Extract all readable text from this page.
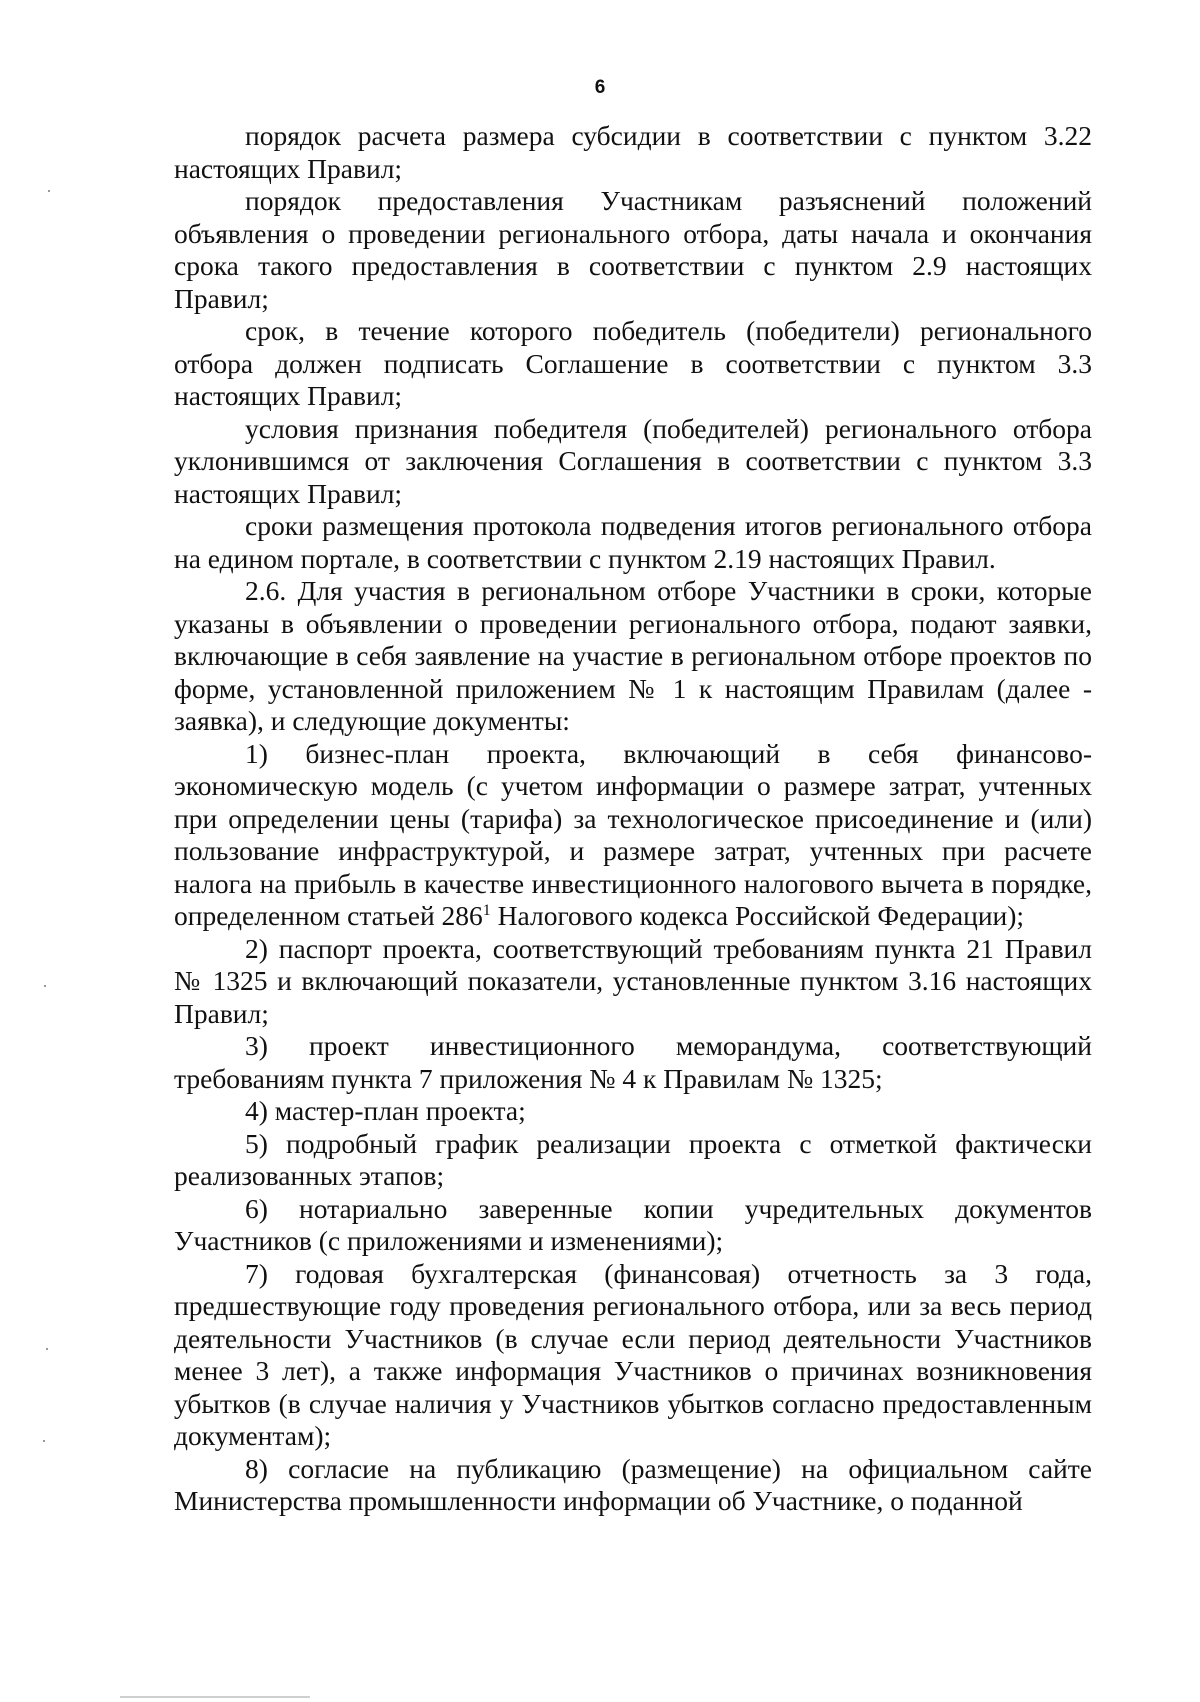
6

порядок расчета размера субсидии в соответствии с пунктом 3.22 настоящих Правил;

порядок предоставления Участникам разъяснений положений объявления о проведении регионального отбора, даты начала и окончания срока такого предоставления в соответствии с пунктом 2.9 настоящих Правил;

срок, в течение которого победитель (победители) регионального отбора должен подписать Соглашение в соответствии с пунктом 3.3 настоящих Правил;

условия признания победителя (победителей) регионального отбора уклонившимся от заключения Соглашения в соответствии с пунктом 3.3 настоящих Правил;

сроки размещения протокола подведения итогов регионального отбора на едином портале, в соответствии с пунктом 2.19 настоящих Правил.

2.6. Для участия в региональном отборе Участники в сроки, которые указаны в объявлении о проведении регионального отбора, подают заявки, включающие в себя заявление на участие в региональном отборе проектов по форме, установленной приложением № 1 к настоящим Правилам (далее - заявка), и следующие документы:

1) бизнес-план проекта, включающий в себя финансово-экономическую модель (с учетом информации о размере затрат, учтенных при определении цены (тарифа) за технологическое присоединение и (или) пользование инфраструктурой, и размере затрат, учтенных при расчете налога на прибыль в качестве инвестиционного налогового вычета в порядке, определенном статьей $286^1$ Налогового кодекса Российской Федерации);

2) паспорт проекта, соответствующий требованиям пункта 21 Правил № 1325 и включающий показатели, установленные пунктом 3.16 настоящих Правил;

3) проект инвестиционного меморандума, соответствующий требованиям пункта 7 приложения № 4 к Правилам № 1325;

4) мастер-план проекта;

5) подробный график реализации проекта с отметкой фактически реализованных этапов;

6) нотариально заверенные копии учредительных документов Участников (с приложениями и изменениями);

7) годовая бухгалтерская (финансовая) отчетность за 3 года, предшествующие году проведения регионального отбора, или за весь период деятельности Участников (в случае если период деятельности Участников менее 3 лет), а также информация Участников о причинах возникновения убытков (в случае наличия у Участников убытков согласно предоставленным документам);

8) согласие на публикацию (размещение) на официальном сайте Министерства промышленности информации об Участнике, о поданной
